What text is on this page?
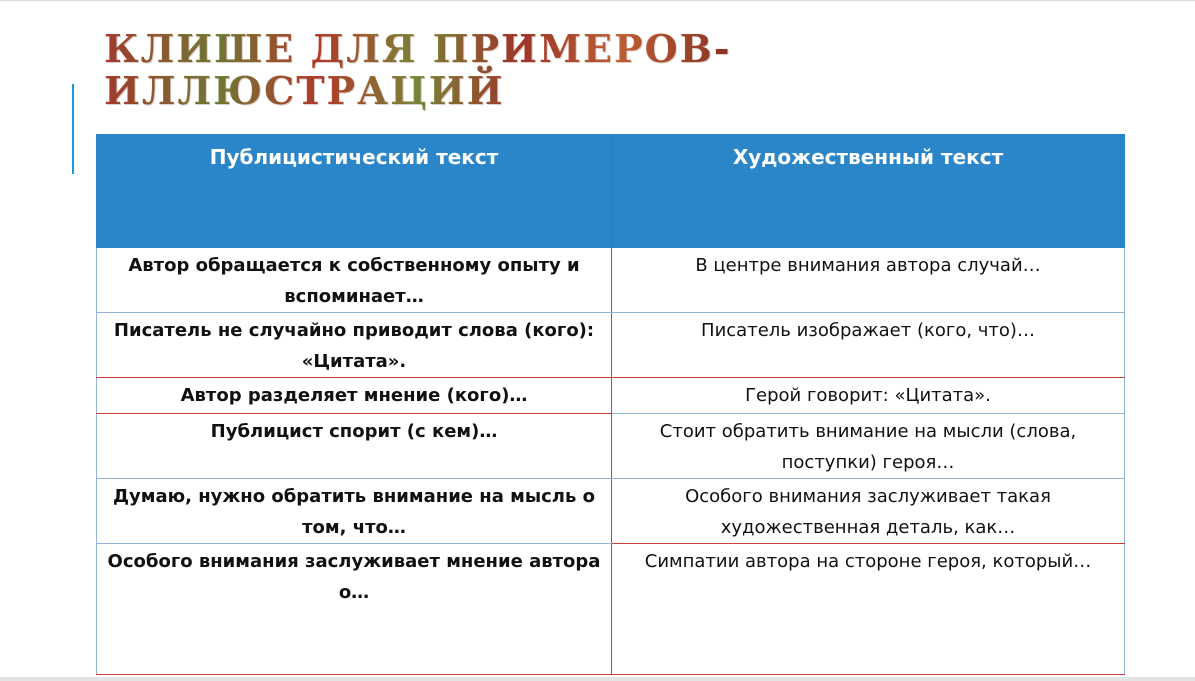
КЛИШЕ ДЛЯ ПРИМЕРОВ-
ИЛЛЮСТРАЦИЙ
Публицистический текст	Художественный текст
Автор обращается к собственному опыту и вспоминает…	В центре внимания автора случай…
Писатель не случайно приводит слова (кого): «Цитата».	Писатель изображает (кого, что)…
Автор разделяет мнение (кого)…	Герой говорит: «Цитата».
Публицист спорит (с кем)…	Стоит обратить внимание на мысли (слова, поступки) героя…
Думаю, нужно обратить внимание на мысль о том, что…	Особого внимания заслуживает такая художественная деталь, как…
Особого внимания заслуживает мнение автора о…	Симпатии автора на стороне героя, который…
